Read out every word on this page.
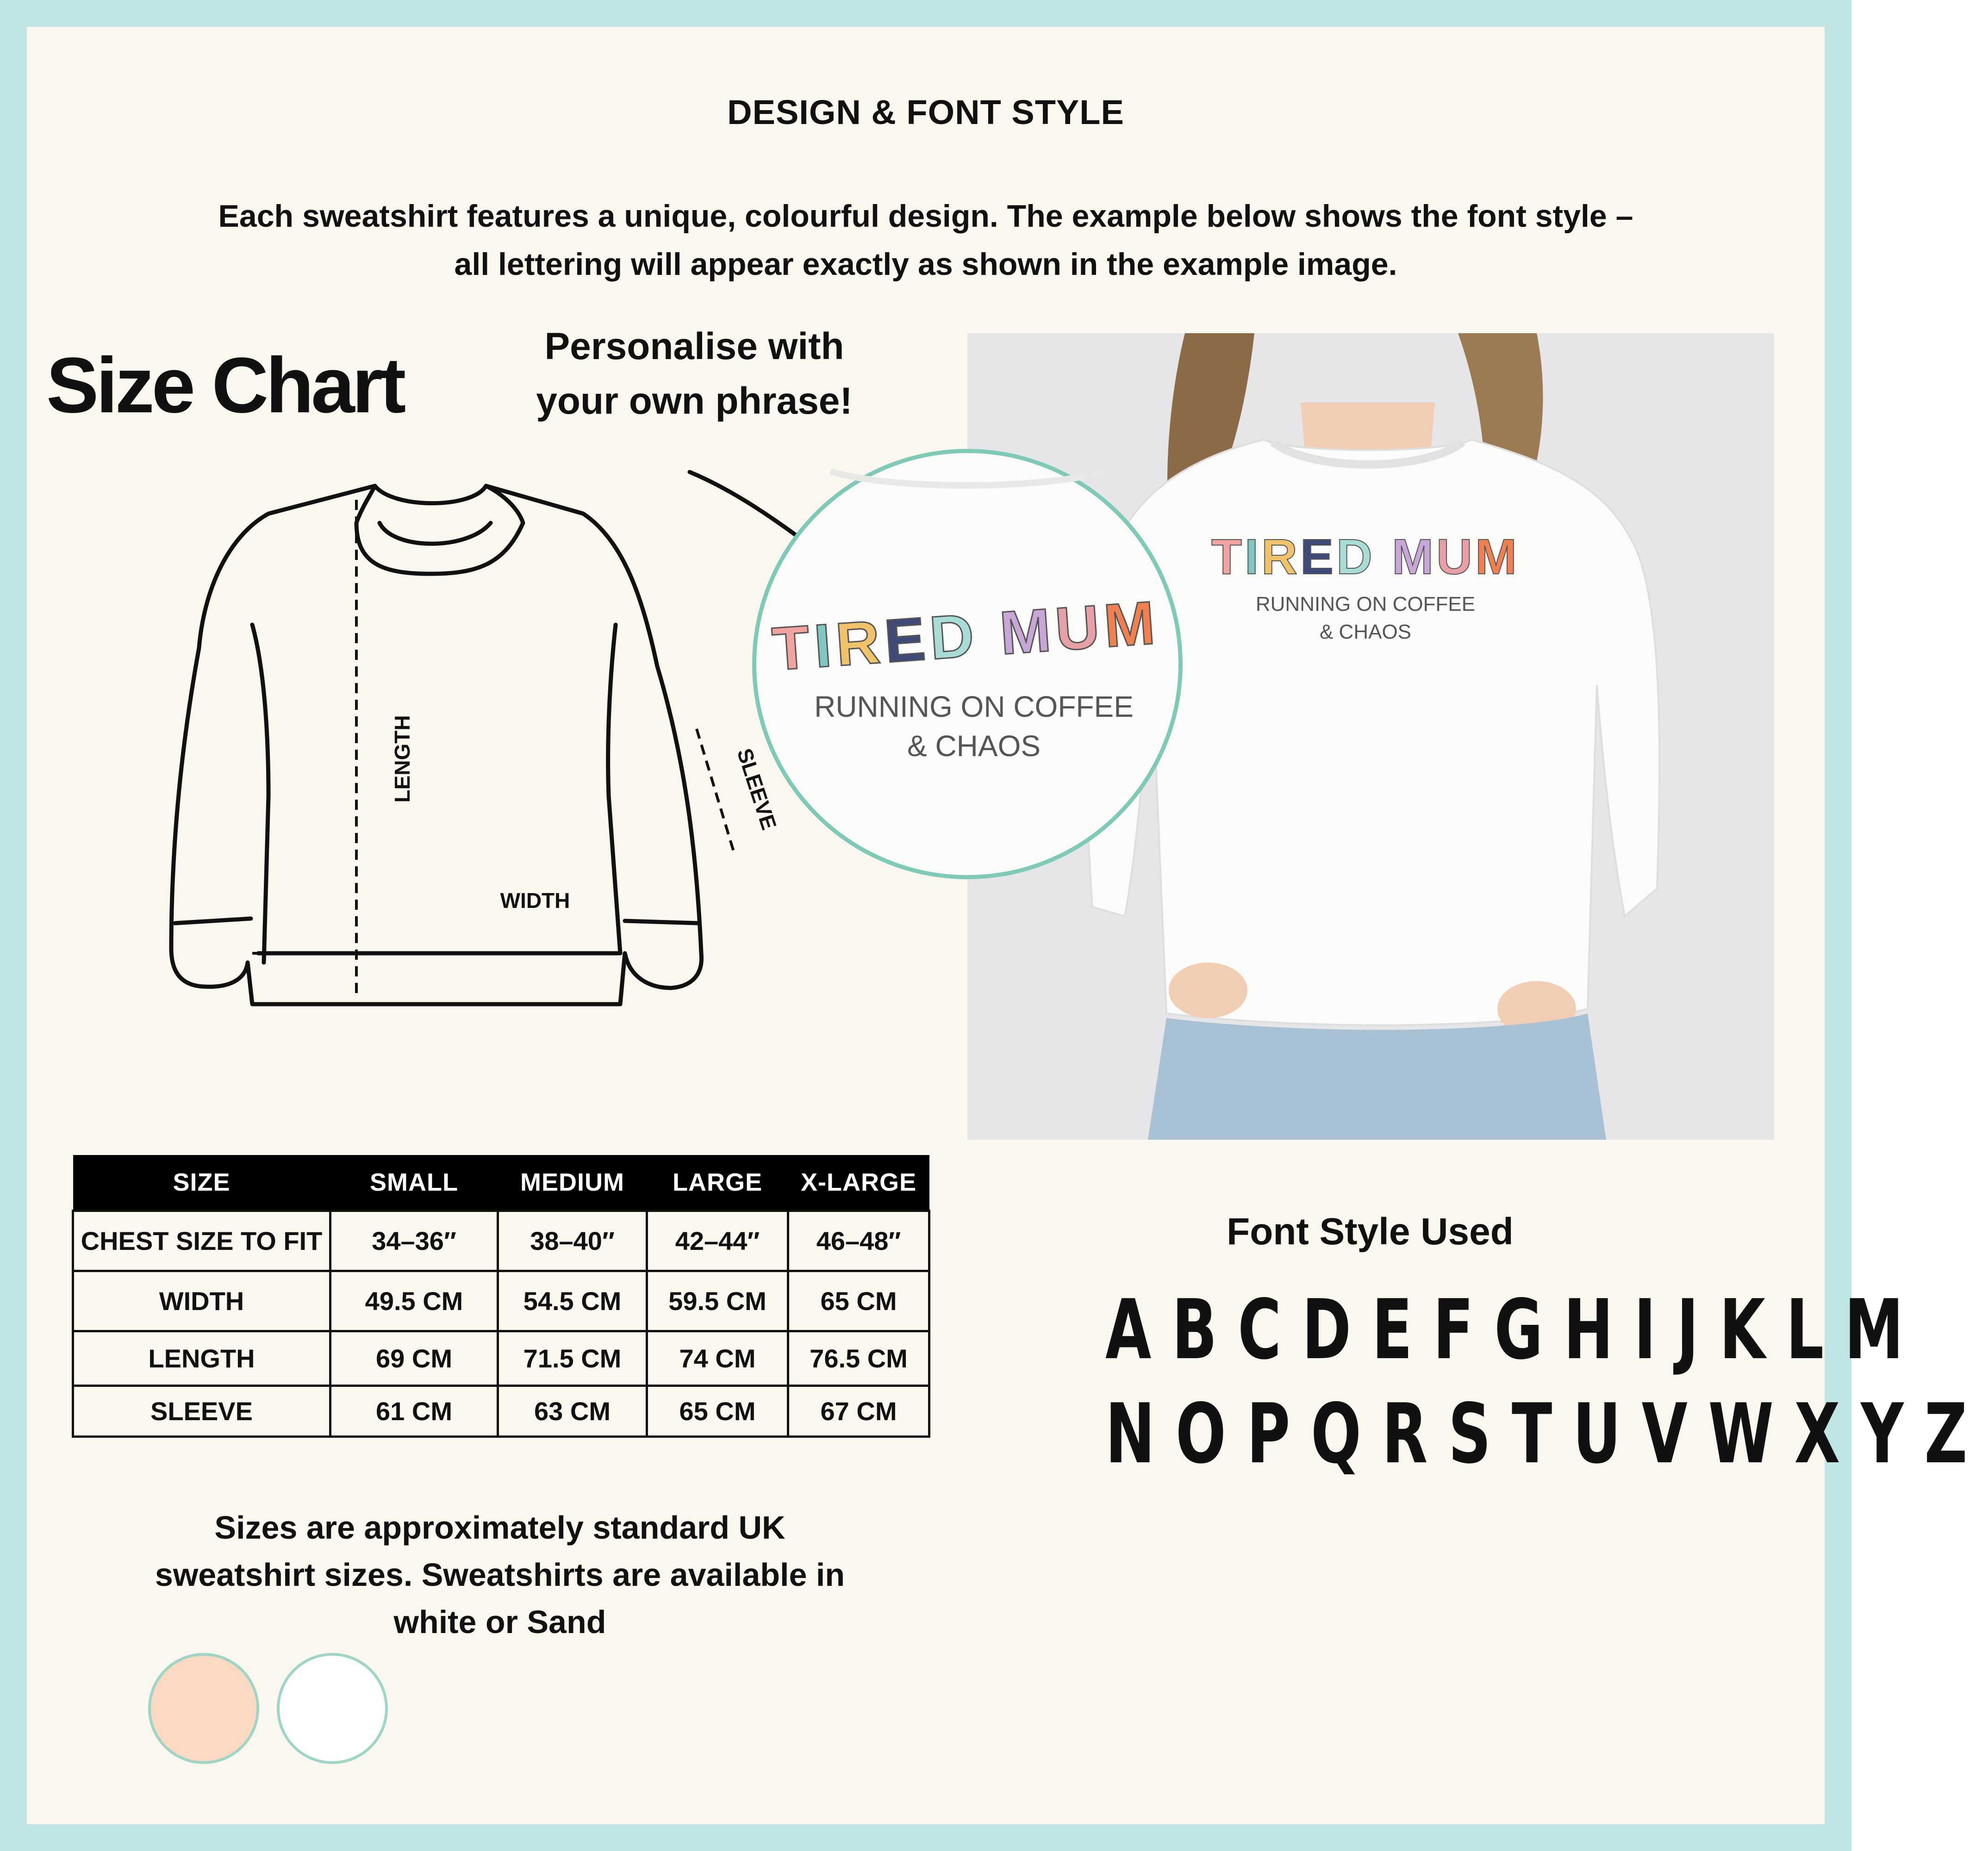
DESIGN & FONT STYLE
Each sweatshirt features a unique, colourful design. The example below shows the font style –
all lettering will appear exactly as shown in the example image.
Size Chart	Personalise with
your own phrase!
LENGTH
WIDTH
SLEEVE
TIRED MUM
RUNNING ON COFFEE
& CHAOS
TIRED MUM
RUNNING ON COFFEE
& CHAOS
Font Style Used
ABCDEFGHIJKLM
NOPQRSTUVWXYZ
SIZE	SMALL	MEDIUM	LARGE	X-LARGE
CHEST SIZE TO FIT	34–36″	38–40″	42–44″	46–48″
WIDTH	49.5 CM	54.5 CM	59.5 CM	65 CM
LENGTH	69 CM	71.5 CM	74 CM	76.5 CM
SLEEVE	61 CM	63 CM	65 CM	67 CM
Sizes are approximately standard UK
sweatshirt sizes. Sweatshirts are available in
white or Sand
